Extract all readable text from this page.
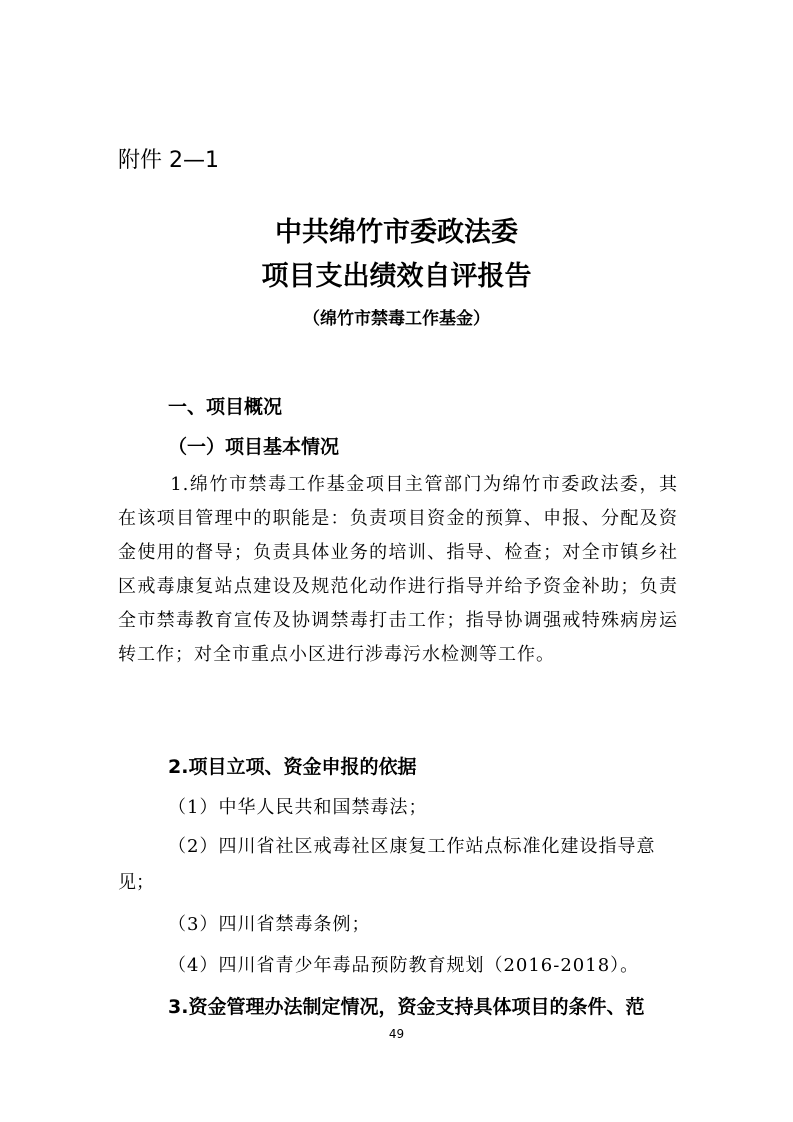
附件 2—1
中共绵竹市委政法委
项目支出绩效自评报告
（绵竹市禁毒工作基金）
一、项目概况
（一）项目基本情况

1.绵竹市禁毒工作基金项目主管部门为绵竹市委政法委，其在该项目管理中的职能是：负责项目资金的预算、申报、分配及资金使用的督导；负责具体业务的培训、指导、检查；对全市镇乡社区戒毒康复站点建设及规范化动作进行指导并给予资金补助；负责全市禁毒教育宣传及协调禁毒打击工作；指导协调强戒特殊病房运转工作；对全市重点小区进行涉毒污水检测等工作。

2.项目立项、资金申报的依据
（1）中华人民共和国禁毒法；
（2）四川省社区戒毒社区康复工作站点标准化建设指导意
见；
（3）四川省禁毒条例；
（4）四川省青少年毒品预防教育规划（2016-2018）。
3.资金管理办法制定情况，资金支持具体项目的条件、范
49
